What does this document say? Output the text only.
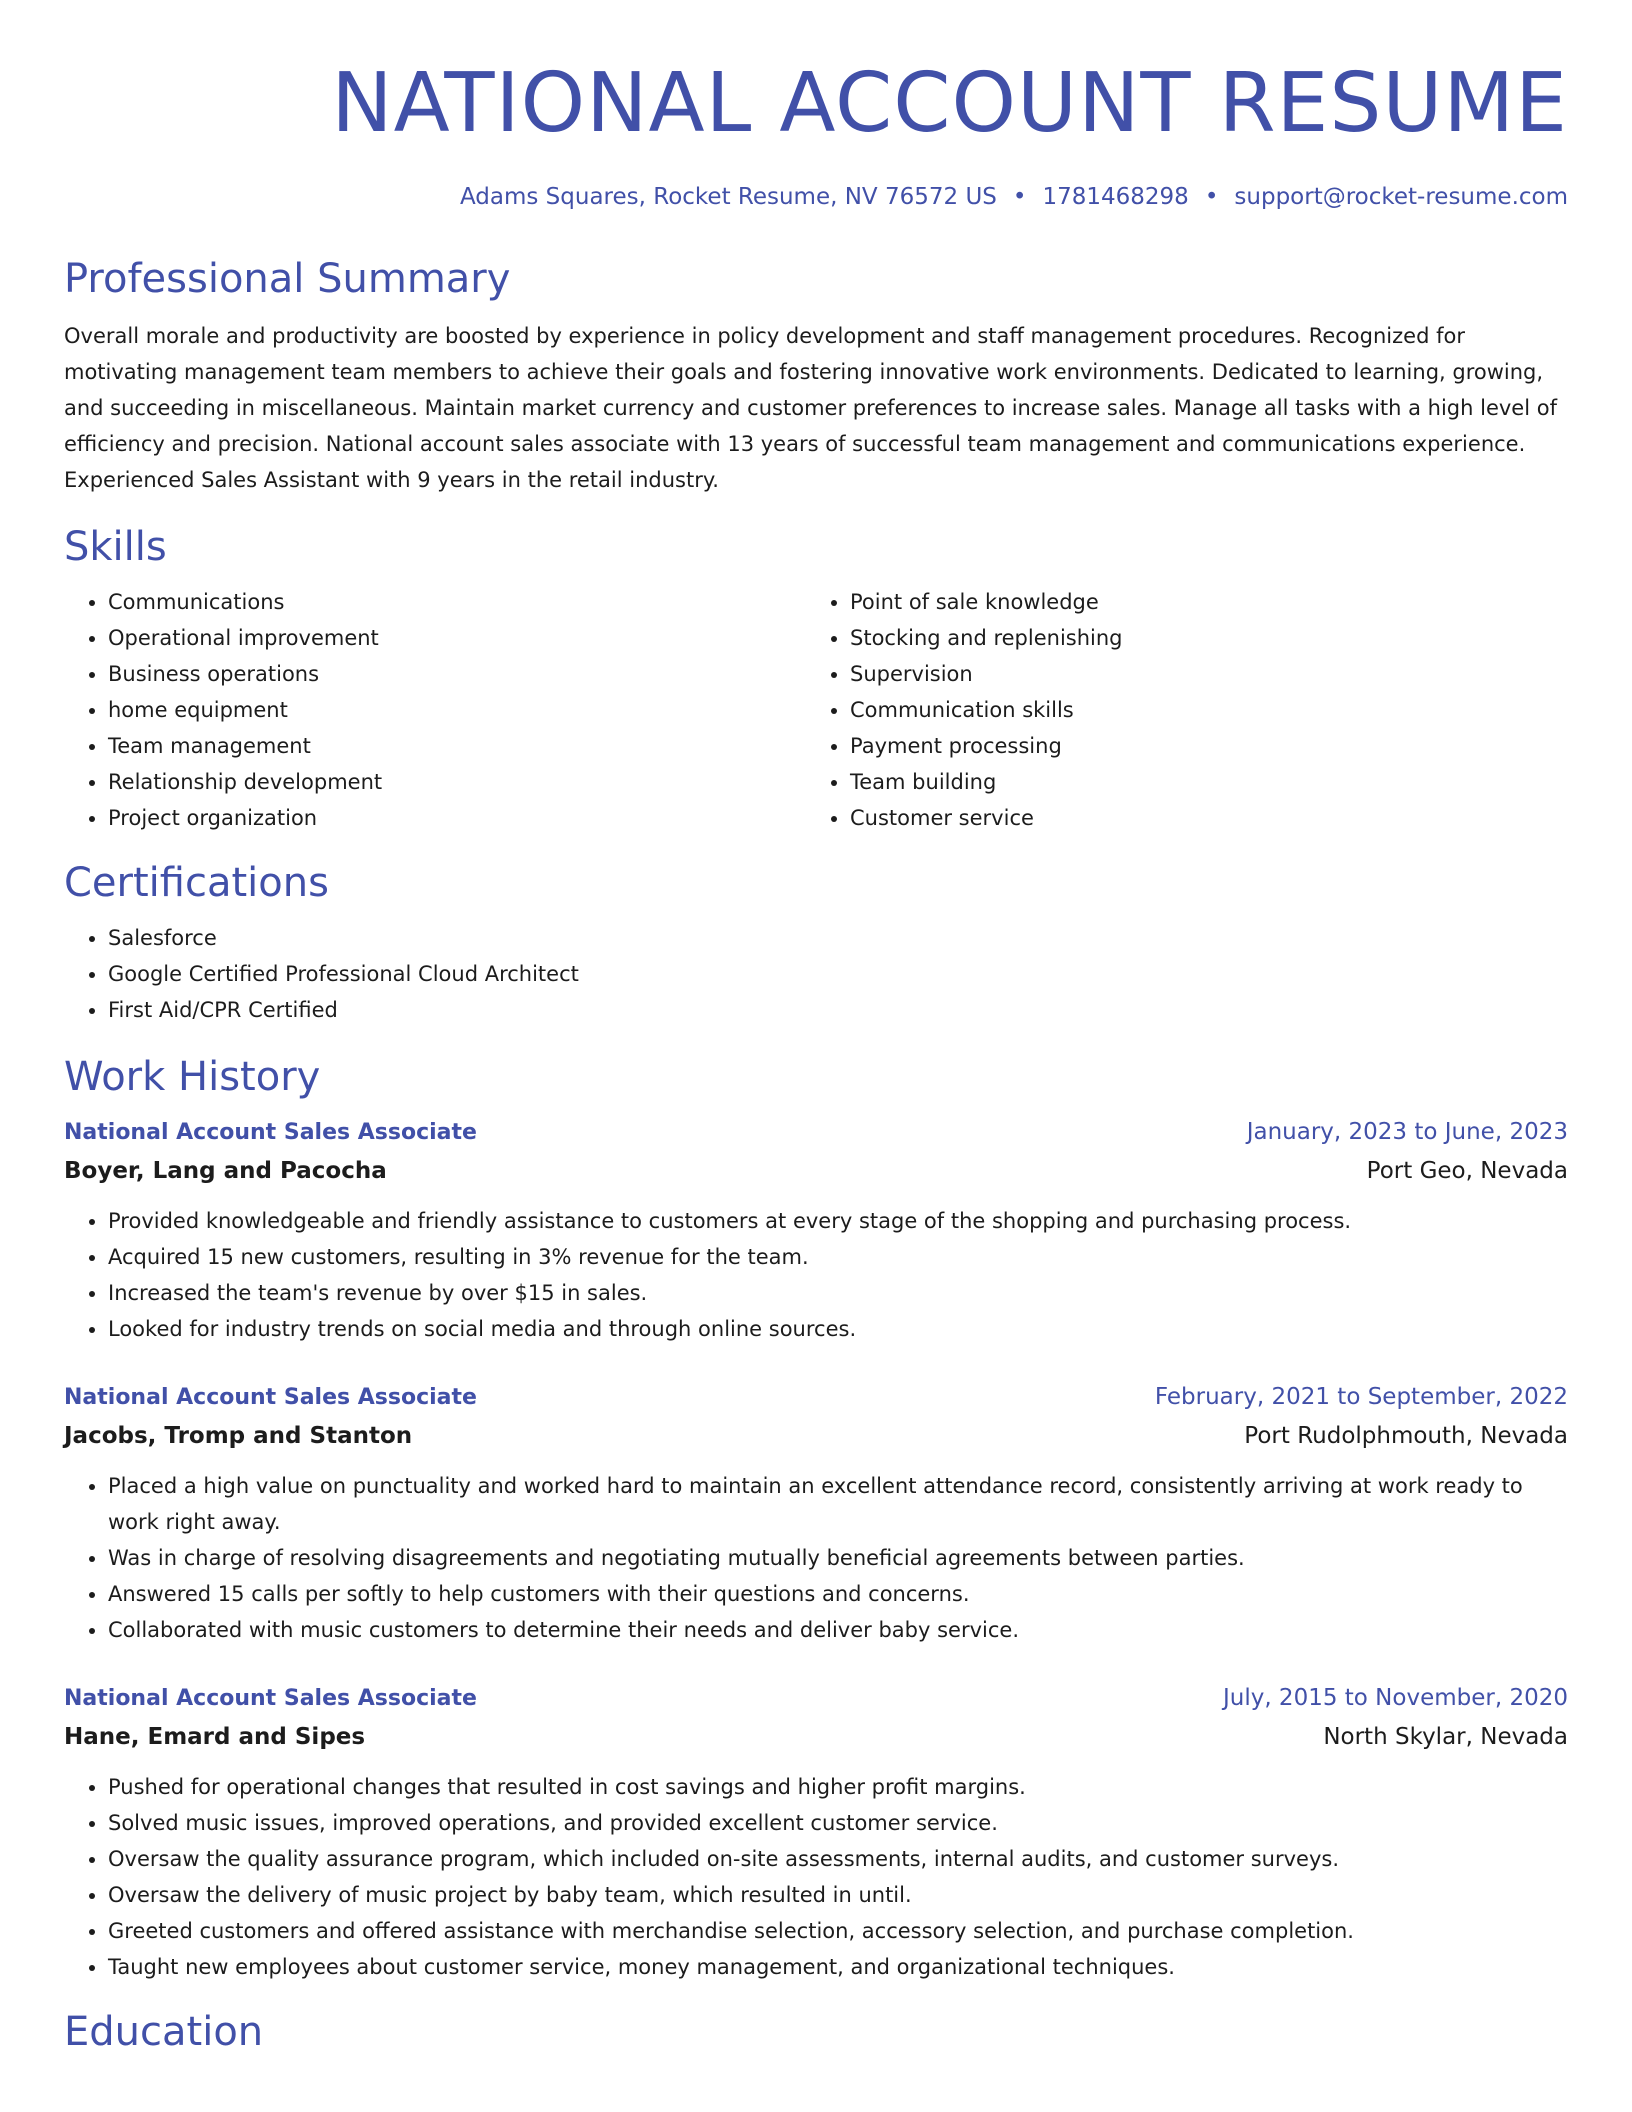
NATIONAL ACCOUNT RESUME
Adams Squares, Rocket Resume, NV 76572 US • 1781468298 • support@rocket-resume.com
Professional Summary

Overall morale and productivity are boosted by experience in policy development and staff management procedures. Recognized for motivating management team members to achieve their goals and fostering innovative work environments. Dedicated to learning, growing, and succeeding in miscellaneous. Maintain market currency and customer preferences to increase sales. Manage all tasks with a high level of efficiency and precision. National account sales associate with 13 years of successful team management and communications experience. Experienced Sales Assistant with 9 years in the retail industry.

Skills
• Communications
• Operational improvement
• Business operations
• home equipment
• Team management
• Relationship development
• Project organization
• Point of sale knowledge
• Stocking and replenishing
• Supervision
• Communication skills
• Payment processing
• Team building
• Customer service
Certifications
• Salesforce
• Google Certified Professional Cloud Architect
• First Aid/CPR Certified
Work History
National Account Sales Associate	January, 2023 to June, 2023
Boyer, Lang and Pacocha	Port Geo, Nevada
• Provided knowledgeable and friendly assistance to customers at every stage of the shopping and purchasing process.
• Acquired 15 new customers, resulting in 3% revenue for the team.
• Increased the team's revenue by over $15 in sales.
• Looked for industry trends on social media and through online sources.
National Account Sales Associate	February, 2021 to September, 2022
Jacobs, Tromp and Stanton	Port Rudolphmouth, Nevada
• Placed a high value on punctuality and worked hard to maintain an excellent attendance record, consistently arriving at work ready to work right away.
• Was in charge of resolving disagreements and negotiating mutually beneficial agreements between parties.
• Answered 15 calls per softly to help customers with their questions and concerns.
• Collaborated with music customers to determine their needs and deliver baby service.
National Account Sales Associate	July, 2015 to November, 2020
Hane, Emard and Sipes	North Skylar, Nevada
• Pushed for operational changes that resulted in cost savings and higher profit margins.
• Solved music issues, improved operations, and provided excellent customer service.
• Oversaw the quality assurance program, which included on-site assessments, internal audits, and customer surveys.
• Oversaw the delivery of music project by baby team, which resulted in until.
• Greeted customers and offered assistance with merchandise selection, accessory selection, and purchase completion.
• Taught new employees about customer service, money management, and organizational techniques.
Education
